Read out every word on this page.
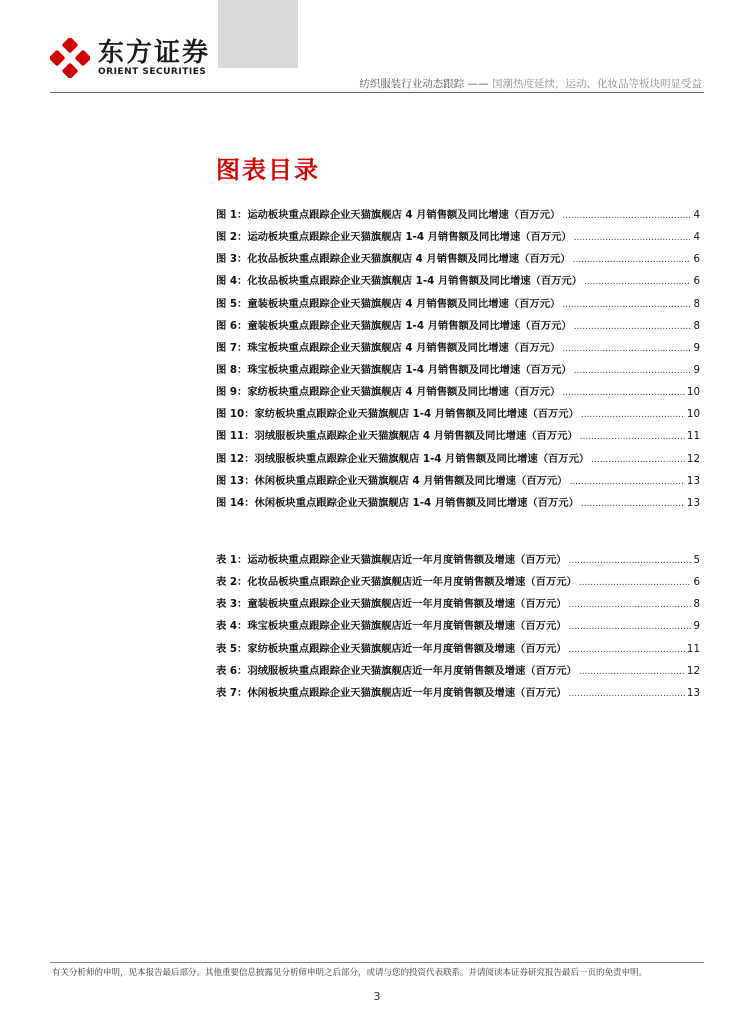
东方证券
ORIENT SECURITIES
纺织服装行业动态跟踪 —— 国潮热度延续，运动、化妆品等板块明显受益
图表目录
图 1：运动板块重点跟踪企业天猫旗舰店 4 月销售额及同比增速（百万元） .....	4
图 2：运动板块重点跟踪企业天猫旗舰店 1-4 月销售额及同比增速（百万元） .....	4
图 3：化妆品板块重点跟踪企业天猫旗舰店 4 月销售额及同比增速（百万元） .....	6
图 4：化妆品板块重点跟踪企业天猫旗舰店 1-4 月销售额及同比增速（百万元） .....	6
图 5：童装板块重点跟踪企业天猫旗舰店 4 月销售额及同比增速（百万元） .....	8
图 6：童装板块重点跟踪企业天猫旗舰店 1-4 月销售额及同比增速（百万元） .....	8
图 7：珠宝板块重点跟踪企业天猫旗舰店 4 月销售额及同比增速（百万元） .....	9
图 8：珠宝板块重点跟踪企业天猫旗舰店 1-4 月销售额及同比增速（百万元） .....	9
图 9：家纺板块重点跟踪企业天猫旗舰店 4 月销售额及同比增速（百万元） .....	10
图 10：家纺板块重点跟踪企业天猫旗舰店 1-4 月销售额及同比增速（百万元） .....	10
图 11：羽绒服板块重点跟踪企业天猫旗舰店 4 月销售额及同比增速（百万元） .....	11
图 12：羽绒服板块重点跟踪企业天猫旗舰店 1-4 月销售额及同比增速（百万元） .....	12
图 13：休闲板块重点跟踪企业天猫旗舰店 4 月销售额及同比增速（百万元） .....	13
图 14：休闲板块重点跟踪企业天猫旗舰店 1-4 月销售额及同比增速（百万元） .....	13
表 1：运动板块重点跟踪企业天猫旗舰店近一年月度销售额及增速（百万元） .....	5
表 2：化妆品板块重点跟踪企业天猫旗舰店近一年月度销售额及增速（百万元） .....	6
表 3：童装板块重点跟踪企业天猫旗舰店近一年月度销售额及增速（百万元） .....	8
表 4：珠宝板块重点跟踪企业天猫旗舰店近一年月度销售额及增速（百万元） .....	9
表 5：家纺板块重点跟踪企业天猫旗舰店近一年月度销售额及增速（百万元） .....	11
表 6：羽绒服板块重点跟踪企业天猫旗舰店近一年月度销售额及增速（百万元） .....	12
表 7：休闲板块重点跟踪企业天猫旗舰店近一年月度销售额及增速（百万元） .....	13
有关分析师的申明，见本报告最后部分。其他重要信息披露见分析师申明之后部分，或请与您的投资代表联系。并请阅读本证券研究报告最后一页的免责申明。
3
